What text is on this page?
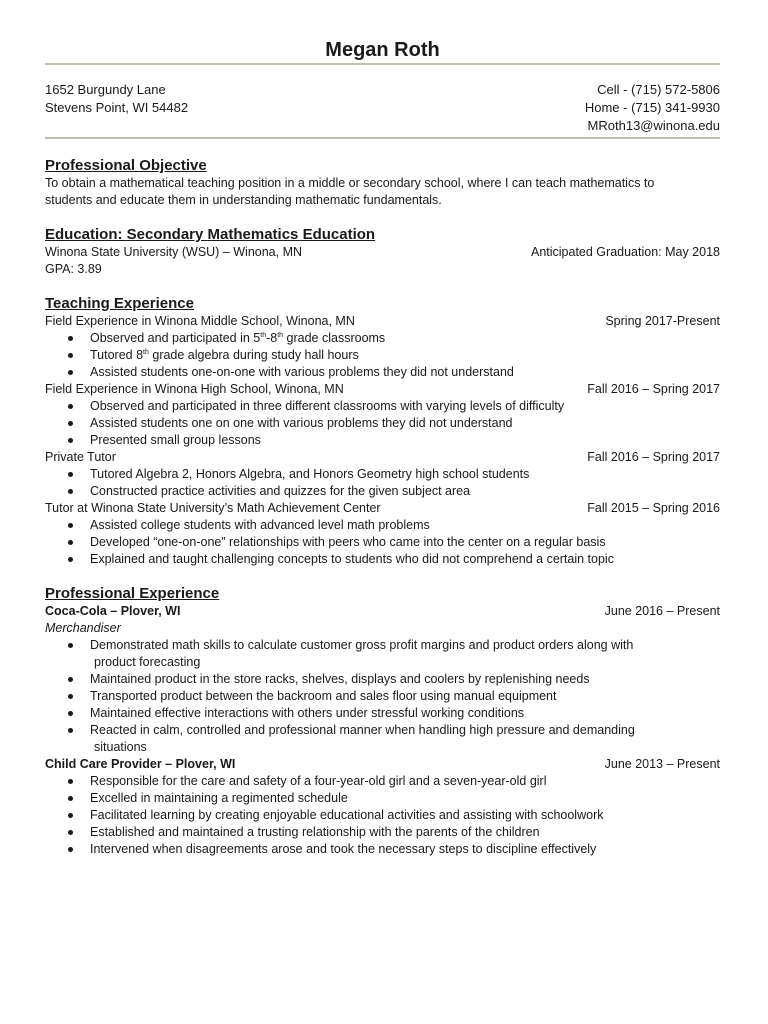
Megan Roth
1652 Burgundy Lane
Stevens Point, WI 54482
Cell - (715) 572-5806
Home - (715) 341-9930
MRoth13@winona.edu
Professional Objective
To obtain a mathematical teaching position in a middle or secondary school, where I can teach mathematics to
students and educate them in understanding mathematic fundamentals.
Education: Secondary Mathematics Education
Winona State University (WSU) – Winona, MN	Anticipated Graduation: May 2018
GPA: 3.89
Teaching Experience
Field Experience in Winona Middle School, Winona, MN	Spring 2017-Present
Observed and participated in 5th-8th grade classrooms
Tutored 8th grade algebra during study hall hours
Assisted students one-on-one with various problems they did not understand
Field Experience in Winona High School, Winona, MN	Fall 2016 – Spring 2017
Observed and participated in three different classrooms with varying levels of difficulty
Assisted students one on one with various problems they did not understand
Presented small group lessons
Private Tutor	Fall 2016 – Spring 2017
Tutored Algebra 2, Honors Algebra, and Honors Geometry high school students
Constructed practice activities and quizzes for the given subject area
Tutor at Winona State University’s Math Achievement Center	Fall 2015 – Spring 2016
Assisted college students with advanced level math problems
Developed “one-on-one” relationships with peers who came into the center on a regular basis
Explained and taught challenging concepts to students who did not comprehend a certain topic
Professional Experience
Coca-Cola – Plover, WI	June 2016 – Present
Merchandiser
Demonstrated math skills to calculate customer gross profit margins and product orders along with
product forecasting
Maintained product in the store racks, shelves, displays and coolers by replenishing needs
Transported product between the backroom and sales floor using manual equipment
Maintained effective interactions with others under stressful working conditions
Reacted in calm, controlled and professional manner when handling high pressure and demanding
situations
Child Care Provider – Plover, WI	June 2013 – Present
Responsible for the care and safety of a four-year-old girl and a seven-year-old girl
Excelled in maintaining a regimented schedule
Facilitated learning by creating enjoyable educational activities and assisting with schoolwork
Established and maintained a trusting relationship with the parents of the children
Intervened when disagreements arose and took the necessary steps to discipline effectively
